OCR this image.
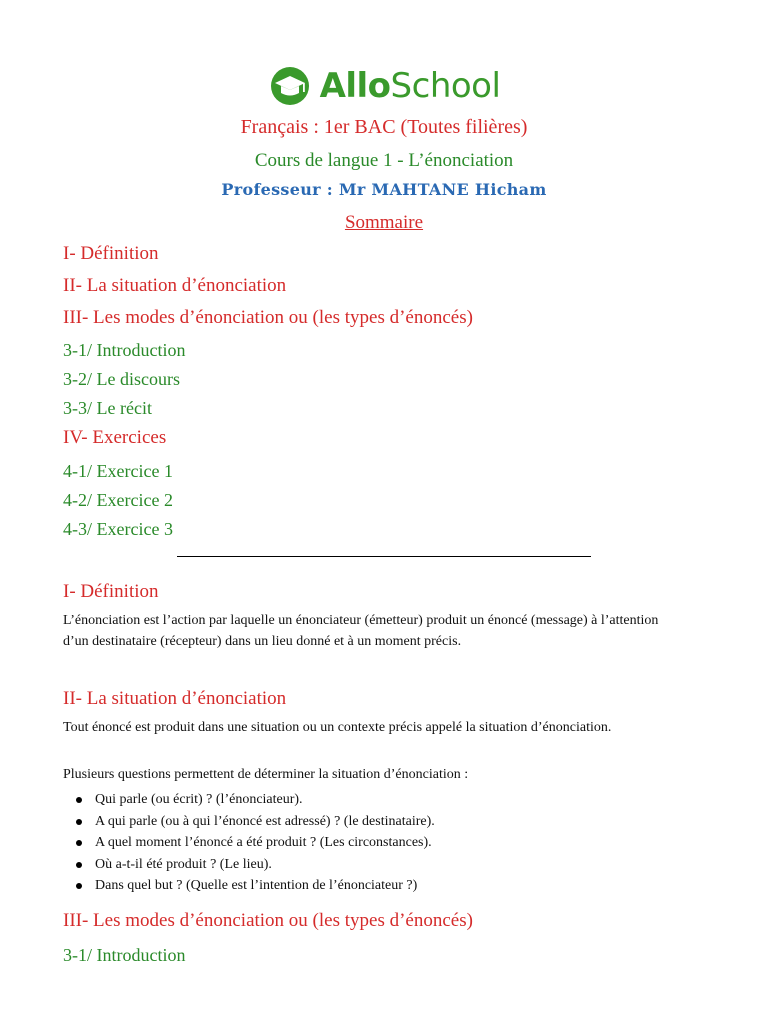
AlloSchool
Français : 1er BAC (Toutes filières)
Cours de langue 1 - L’énonciation
Professeur : Mr MAHTANE Hicham
Sommaire
I- Définition
II- La situation d’énonciation
III- Les modes d’énonciation ou (les types d’énoncés)
3-1/ Introduction
3-2/ Le discours
3-3/ Le récit
IV- Exercices
4-1/ Exercice 1
4-2/ Exercice 2
4-3/ Exercice 3
I- Définition

L’énonciation est l’action par laquelle un énonciateur (émetteur) produit un énoncé (message) à l’attention d’un destinataire (récepteur) dans un lieu donné et à un moment précis.

II- La situation d’énonciation

Tout énoncé est produit dans une situation ou un contexte précis appelé la situation d’énonciation.

Plusieurs questions permettent de déterminer la situation d’énonciation :

Qui parle (ou écrit) ? (l’énonciateur).
A qui parle (ou à qui l’énoncé est adressé) ? (le destinataire).
A quel moment l’énoncé a été produit ? (Les circonstances).
Où a-t-il été produit ? (Le lieu).
Dans quel but ? (Quelle est l’intention de l’énonciateur ?)
III- Les modes d’énonciation ou (les types d’énoncés)
3-1/ Introduction
